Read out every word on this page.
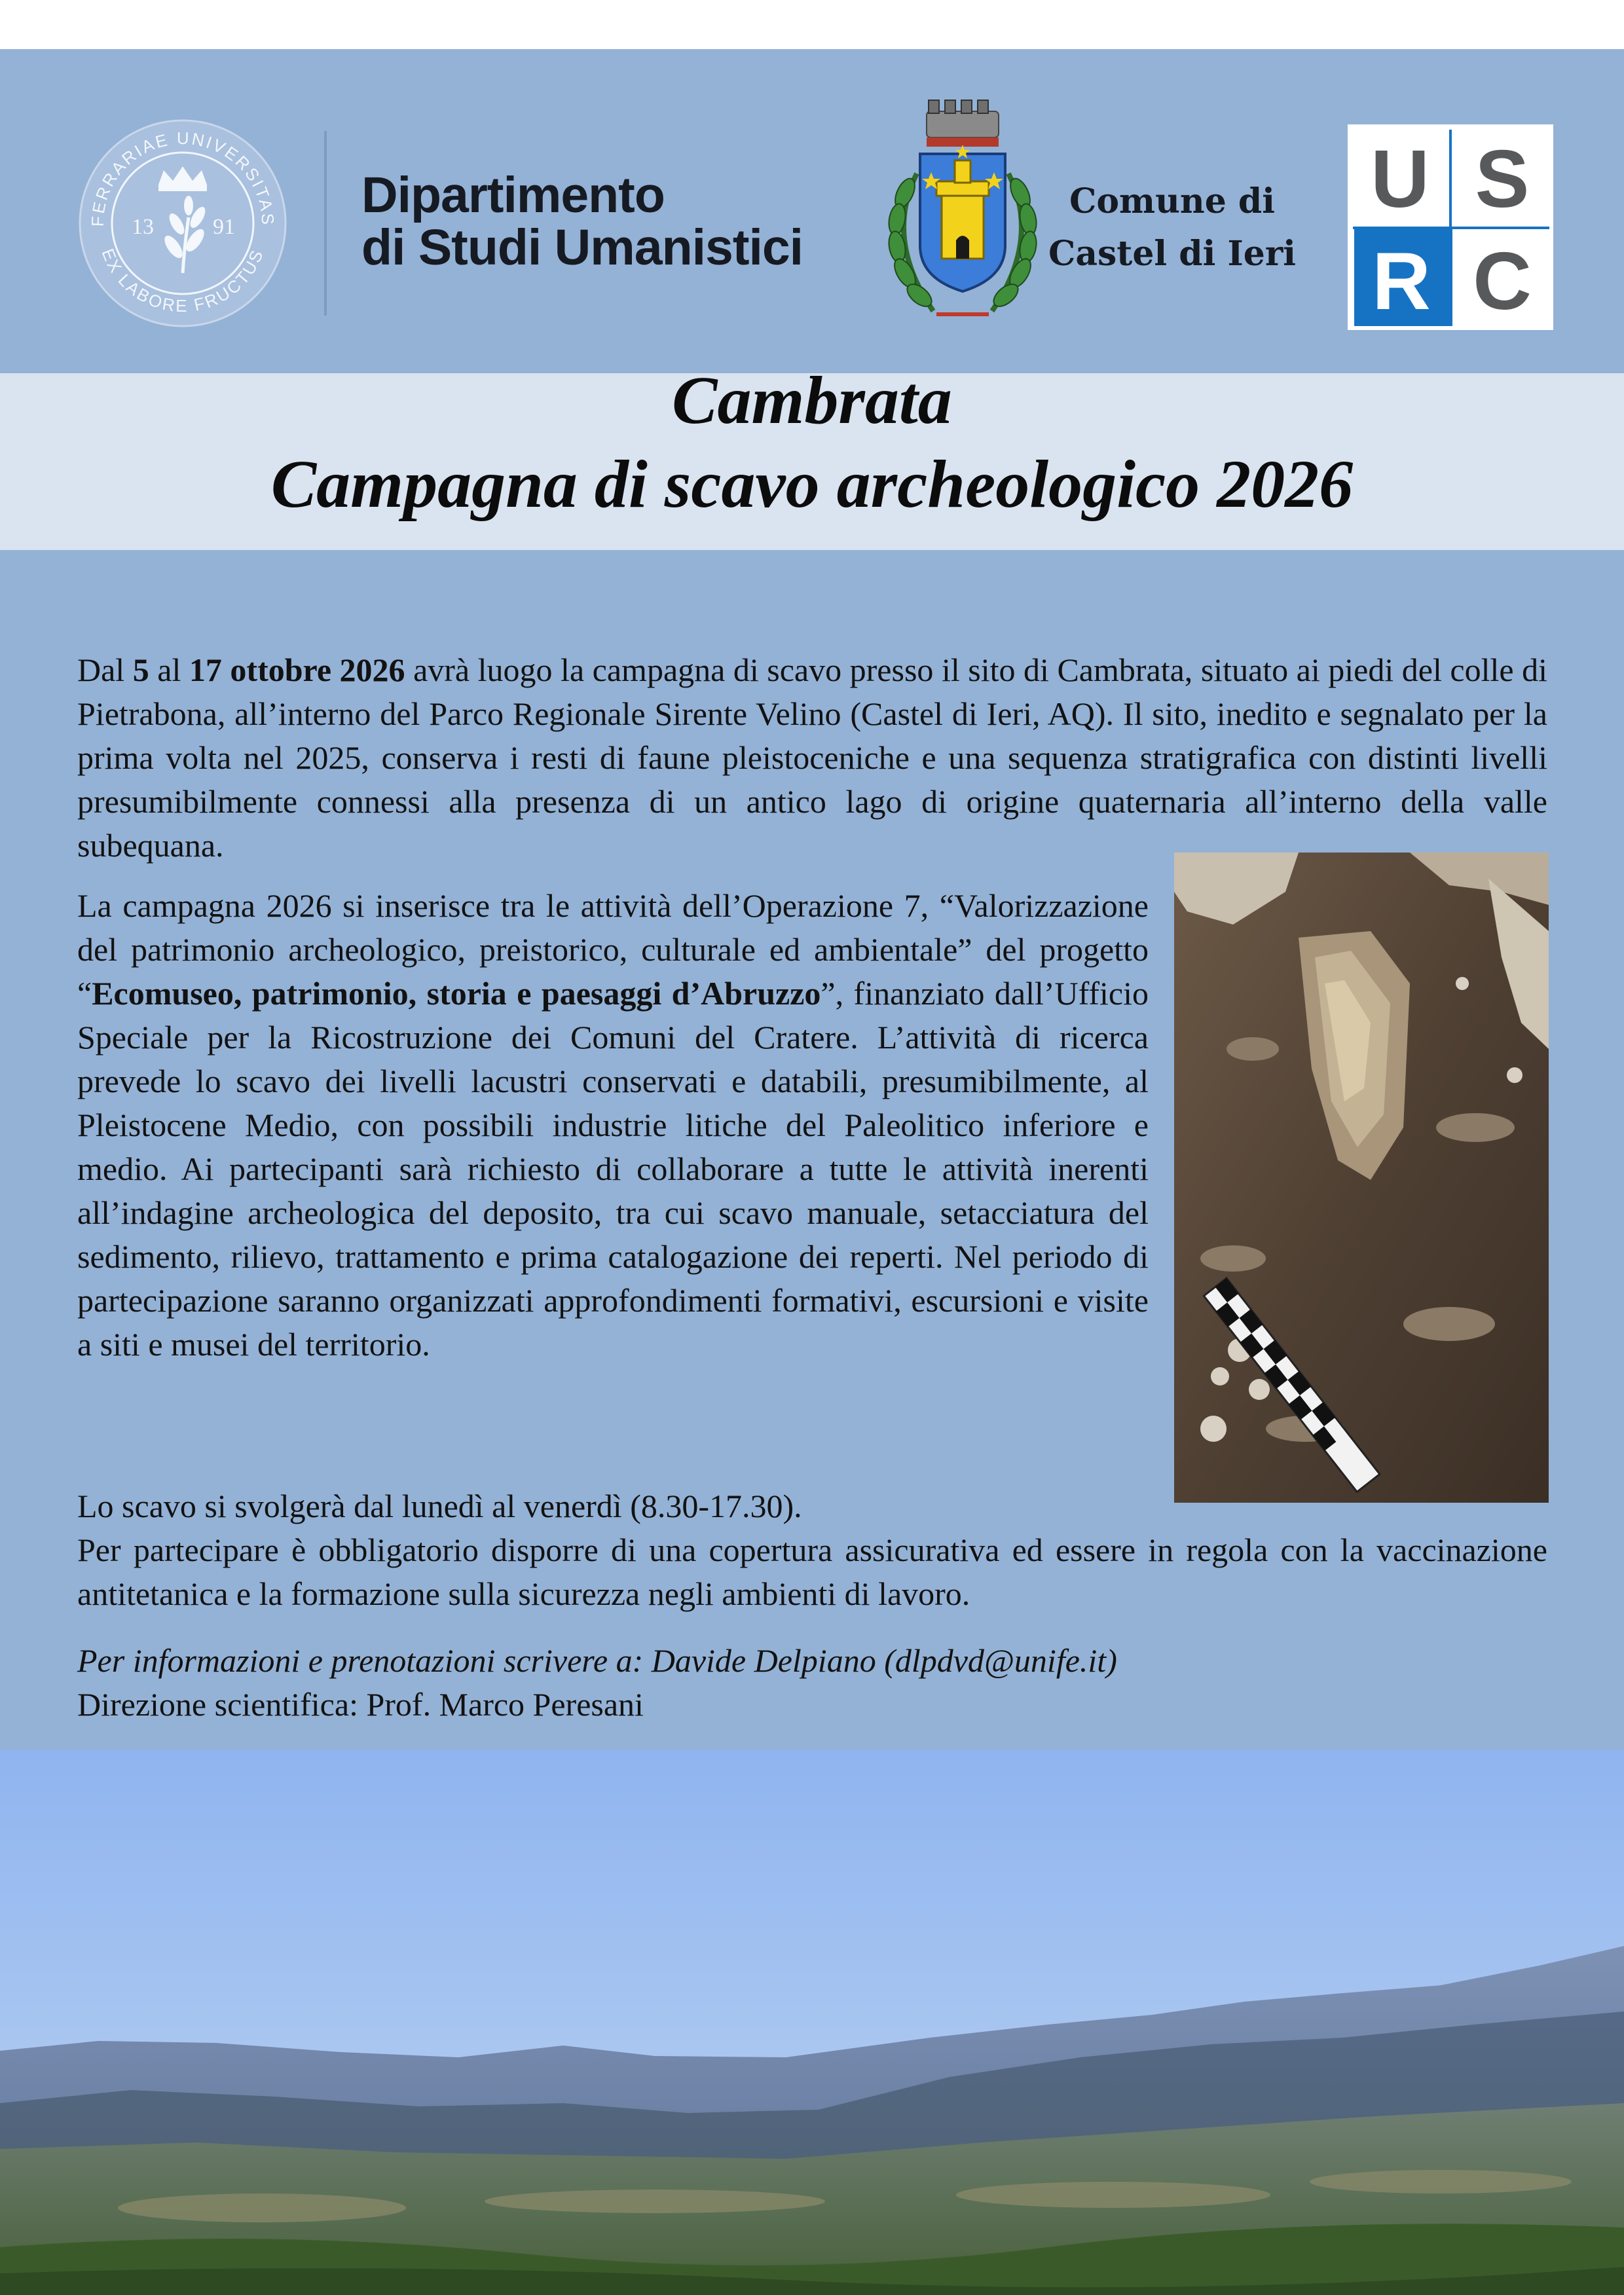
FERRARIAE UNIVERSITAS
EX LABORE FRUCTUS
13	91
Dipartimento
di Studi Umanistici
Comune di
Castel di Ieri
U S
R C
Cambrata
Campagna di scavo archeologico 2026
Dal 5 al 17 ottobre 2026 avrà luogo la campagna di scavo presso il sito di Cambrata, situato ai piedi del colle di Pietrabona, all’interno del Parco Regionale Sirente Velino (Castel di Ieri, AQ). Il sito, inedito e segnalato per la prima volta nel 2025, conserva i resti di faune pleistoceniche e una sequenza stratigrafica con distinti livelli presumibilmente connessi alla presenza di un antico lago di origine quaternaria all’interno della valle subequana.
La campagna 2026 si inserisce tra le attività dell’Operazione 7, “Valorizzazione del patrimonio archeologico, preistorico, culturale ed ambientale” del progetto “Ecomuseo, patrimonio, storia e paesaggi d’Abruzzo”, finanziato dall’Ufficio Speciale per la Ricostruzione dei Comuni del Cratere. L’attività di ricerca prevede lo scavo dei livelli lacustri conservati e databili, presumibilmente, al Pleistocene Medio, con possibili industrie litiche del Paleolitico inferiore e medio. Ai partecipanti sarà richiesto di collaborare a tutte le attività inerenti all’indagine archeologica del deposito, tra cui scavo manuale, setacciatura del sedimento, rilievo, trattamento e prima catalogazione dei reperti. Nel periodo di partecipazione saranno organizzati approfondimenti formativi, escursioni e visite a siti e musei del territorio.
Lo scavo si svolgerà dal lunedì al venerdì (8.30-17.30).
Per partecipare è obbligatorio disporre di una copertura assicurativa ed essere in regola con la vaccinazione antitetanica e la formazione sulla sicurezza negli ambienti di lavoro.
Per informazioni e prenotazioni scrivere a: Davide Delpiano (dlpdvd@unife.it)
Direzione scientifica: Prof. Marco Peresani
